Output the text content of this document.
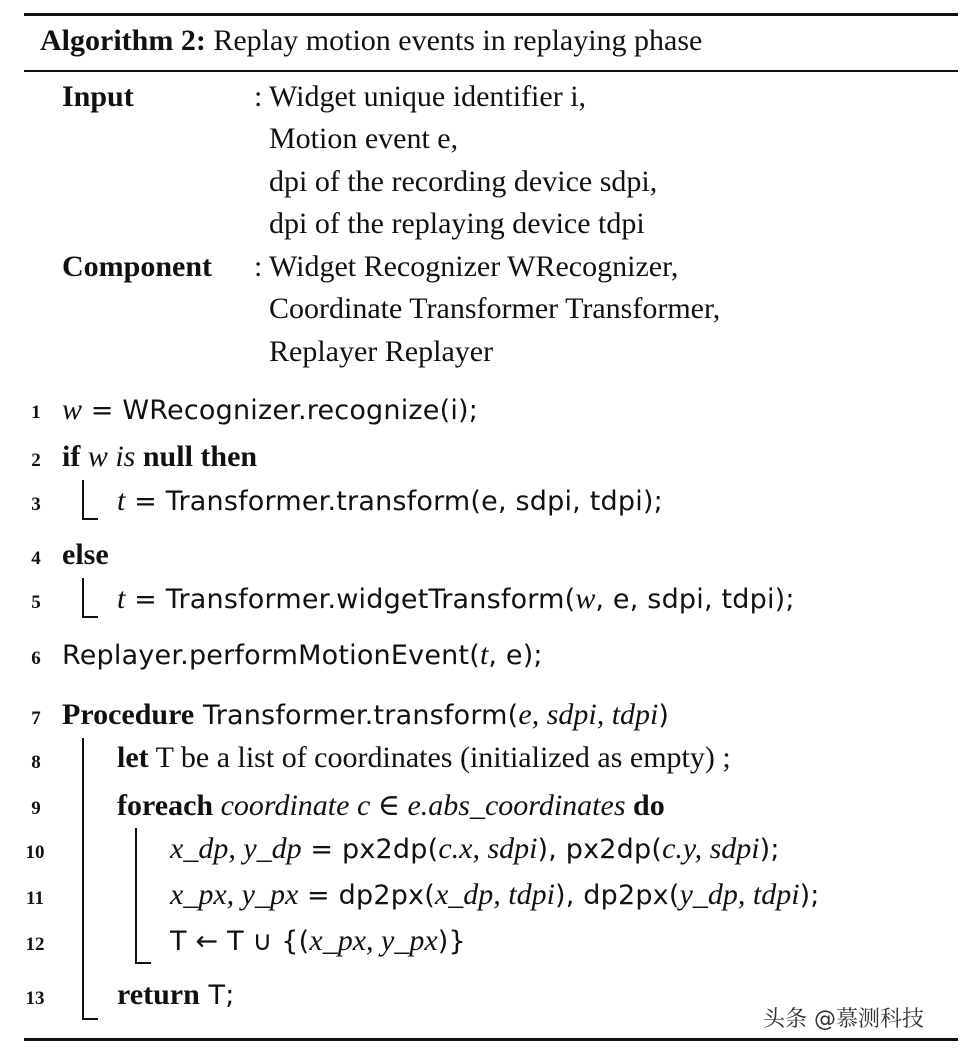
Algorithm 2: Replay motion events in replaying phase
Input	: Widget unique identifier i,
Motion event e,
dpi of the recording device sdpi,
dpi of the replaying device tdpi
Component : Widget Recognizer WRecognizer,
Coordinate Transformer Transformer,
Replayer Replayer
1 w = WRecognizer.recognize(i);
2 if w is null then
3	t = Transformer.transform(e, sdpi, tdpi);
4 else
5	t = Transformer.widgetTransform(w, e, sdpi, tdpi);
6 Replayer.performMotionEvent(t, e);
7 Procedure Transformer.transform(e, sdpi, tdpi)
8	let T be a list of coordinates (initialized as empty) ;
9	foreach coordinate c ∈ e.abs_coordinates do
10	x_dp, y_dp = px2dp(c.x, sdpi), px2dp(c.y, sdpi);
11	x_px, y_px = dp2px(x_dp, tdpi), dp2px(y_dp, tdpi);
12	T ← T ∪ {(x_px, y_px)}
13 return T;
头条 @慕测科技
